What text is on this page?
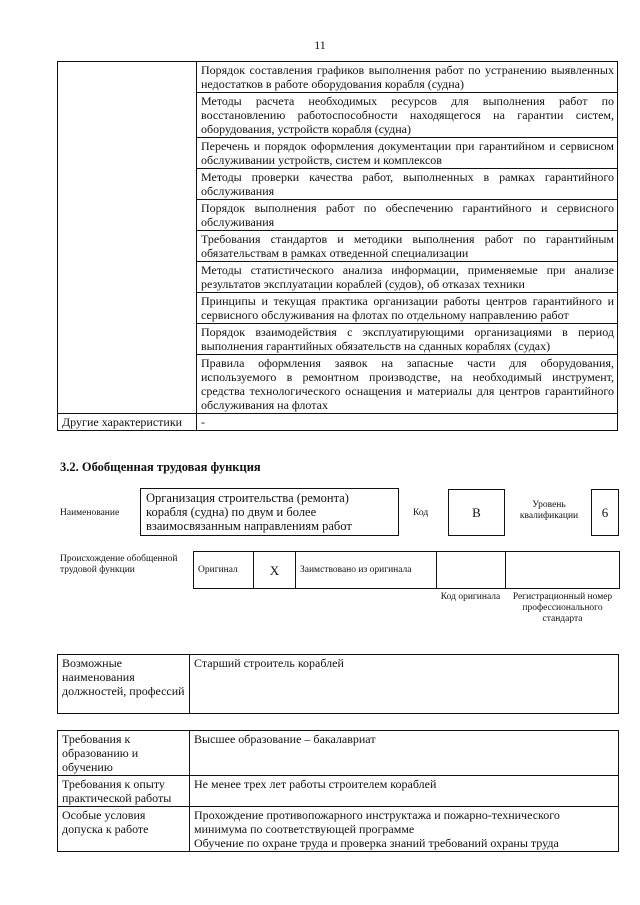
11
	Порядок составления графиков выполнения работ по устранению выявленных недостатков в работе оборудования корабля (судна)
	Методы расчета необходимых ресурсов для выполнения работ по восстановлению работоспособности находящегося на гарантии систем, оборудования, устройств корабля (судна)
	Перечень и порядок оформления документации при гарантийном и сервисном обслуживании устройств, систем и комплексов
	Методы проверки качества работ, выполненных в рамках гарантийного обслуживания
	Порядок выполнения работ по обеспечению гарантийного и сервисного обслуживания
	Требования стандартов и методики выполнения работ по гарантийным обязательствам в рамках отведенной специализации
	Методы статистического анализа информации, применяемые при анализе результатов эксплуатации кораблей (судов), об отказах техники
	Принципы и текущая практика организации работы центров гарантийного и сервисного обслуживания на флотах по отдельному направлению работ
	Порядок взаимодействия с эксплуатирующими организациями в период выполнения гарантийных обязательств на сданных кораблях (судах)
	Правила оформления заявок на запасные части для оборудования, используемого в ремонтном производстве, на необходимый инструмент, средства технологического оснащения и материалы для центров гарантийного обслуживания на флотах
Другие характеристики	-
3.2. Обобщенная трудовая функция
Наименование
Организация строительства (ремонта) корабля (судна) по двум и более взаимосвязанным направлениям работ
Код	В	Уровень квалификации	6
Происхождение обобщенной трудовой функции	Оригинал	X	Заимствовано из оригинала		
Код оригинала	Регистрационный номер профессионального стандарта
Возможные наименования должностей, профессий	Старший строитель кораблей
Требования к образованию и обучению	Высшее образование – бакалавриат
Требования к опыту практической работы	Не менее трех лет работы строителем кораблей
Особые условия допуска к работе	Прохождение противопожарного инструктажа и пожарно-технического минимума по соответствующей программе
Обучение по охране труда и проверка знаний требований охраны труда
